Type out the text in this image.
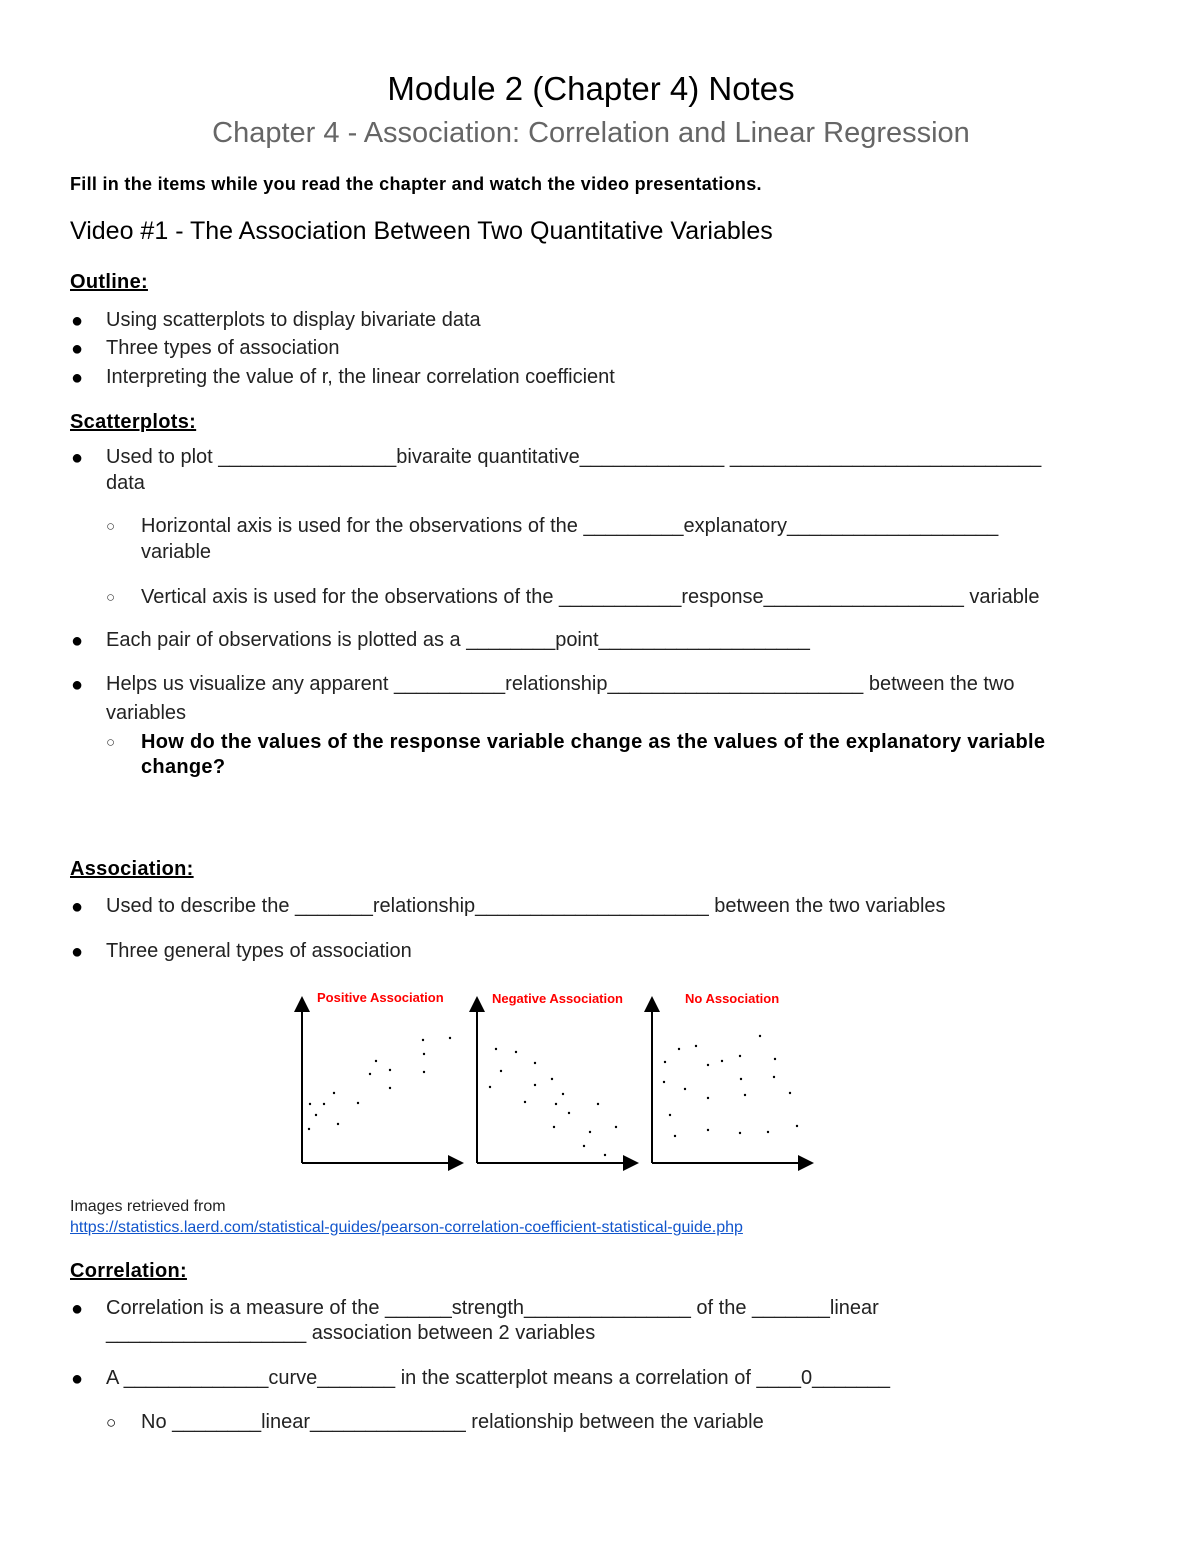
Module 2 (Chapter 4) Notes
Chapter 4 - Association: Correlation and Linear Regression
Fill in the items while you read the chapter and watch the video presentations.
Video #1 - The Association Between Two Quantitative Variables
Outline:
● Using scatterplots to display bivariate data
● Three types of association
● Interpreting the value of r, the linear correlation coefficient
Scatterplots:
● Used to plot ________________bivaraite quantitative_____________ ____________________________
data
○ Horizontal axis is used for the observations of the _________explanatory___________________
variable
○ Vertical axis is used for the observations of the ___________response__________________ variable
● Each pair of observations is plotted as a ________point___________________
● Helps us visualize any apparent __________relationship_______________________ between the two
variables
○ How do the values of the response variable change as the values of the explanatory variable
change?
Association:
● Used to describe the _______relationship_____________________ between the two variables
● Three general types of association
Positive Association	Negative Association	No Association
Images retrieved from
https://statistics.laerd.com/statistical-guides/pearson-correlation-coefficient-statistical-guide.php
Correlation:
● Correlation is a measure of the ______strength_______________ of the _______linear
__________________ association between 2 variables
● A _____________curve_______ in the scatterplot means a correlation of ____0_______
○ No ________linear______________ relationship between the variable
